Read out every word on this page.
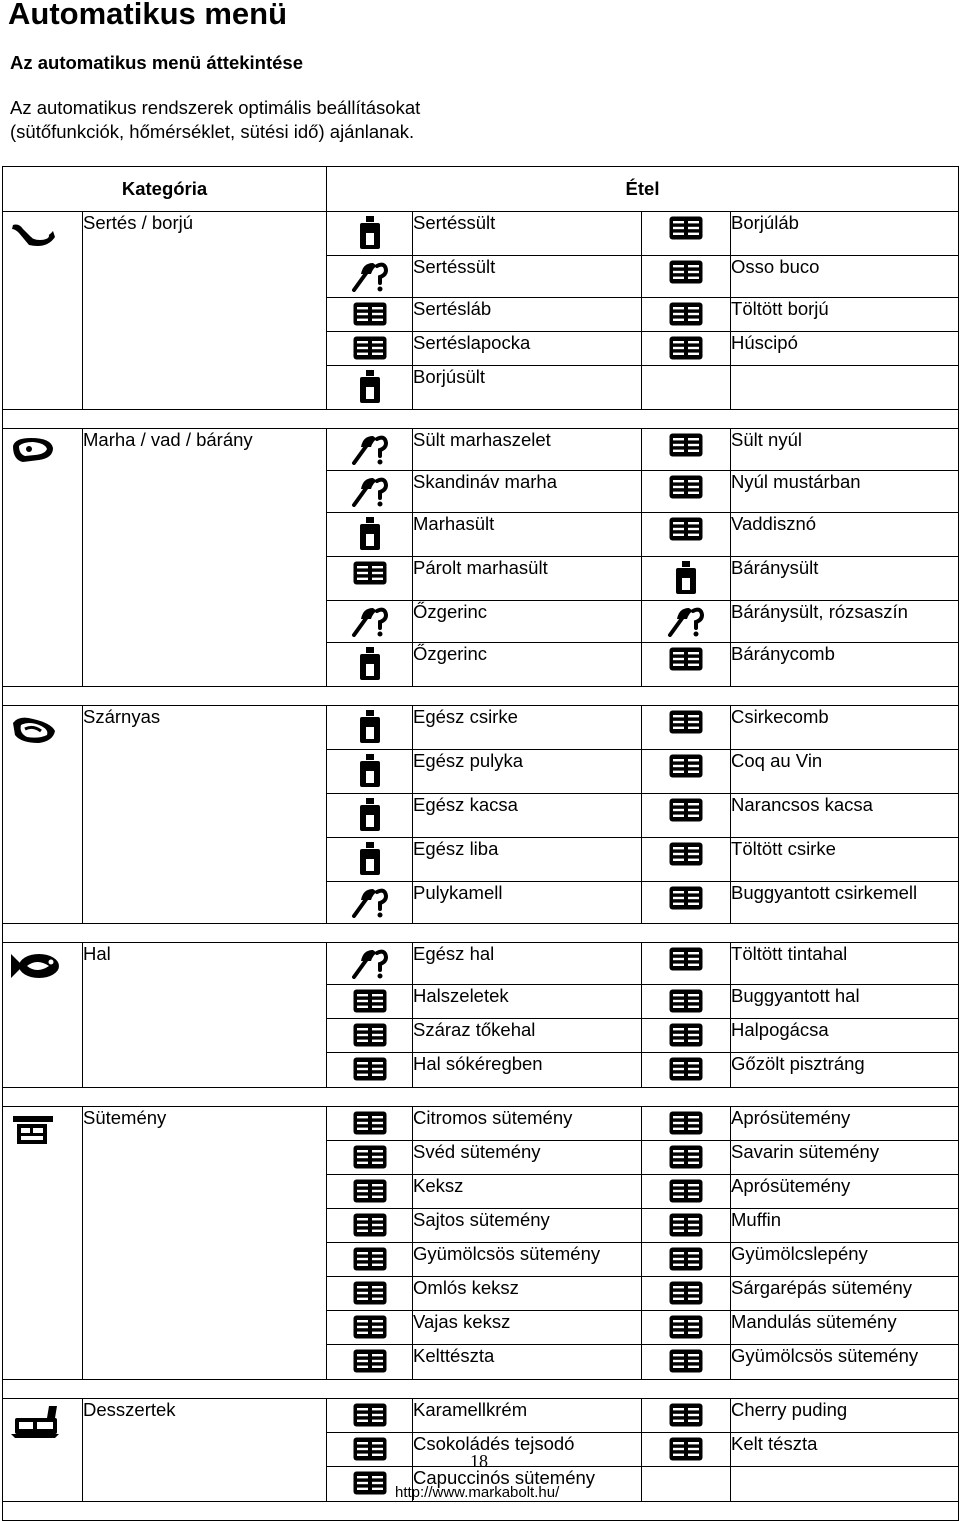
Automatikus menü
Az automatikus menü áttekintése

Az automatikus rendszerek optimális beállításokat
(sütőfunkciók, hőmérséklet, sütési idő) ajánlanak.

Kategória		Étel			

	Sertés / borjú		Sertéssült		Borjúláb

	Sertéssült		Osso buco

	Sertésláb		Töltött borjú

	Sertéslapocka		Húscipó

	Borjúsült		

	Marha / vad / bárány		Sült marhaszelet		Sült nyúl

	Skandináv marha		Nyúl mustárban

	Marhasült		Vaddisznó

	Párolt marhasült		Báránysült

	Őzgerinc		Báránysült, rózsaszín

	Őzgerinc		Báránycomb

	Szárnyas		Egész csirke		Csirkecomb

	Egész pulyka		Coq au Vin

	Egész kacsa		Narancsos kacsa

	Egész liba		Töltött csirke

	Pulykamell		Buggyantott csirkemell

	Hal		Egész hal		Töltött tintahal

	Halszeletek		Buggyantott hal

	Száraz tőkehal		Halpogácsa

	Hal sókéregben		Gőzölt pisztráng

	Sütemény		Citromos sütemény		Aprósütemény

	Svéd sütemény		Savarin sütemény

	Keksz		Aprósütemény

	Sajtos sütemény		Muffin

	Gyümölcsös sütemény		Gyümölcslepény

	Omlós keksz		Sárgarépás sütemény

	Vajas keksz		Mandulás sütemény

	Kelttészta		Gyümölcsös sütemény

	Desszertek		Karamellkrém		Cherry puding

	Csokoládés tejsodó		Kelt tészta

	Capuccinós sütemény		

18
http://www.markabolt.hu/
